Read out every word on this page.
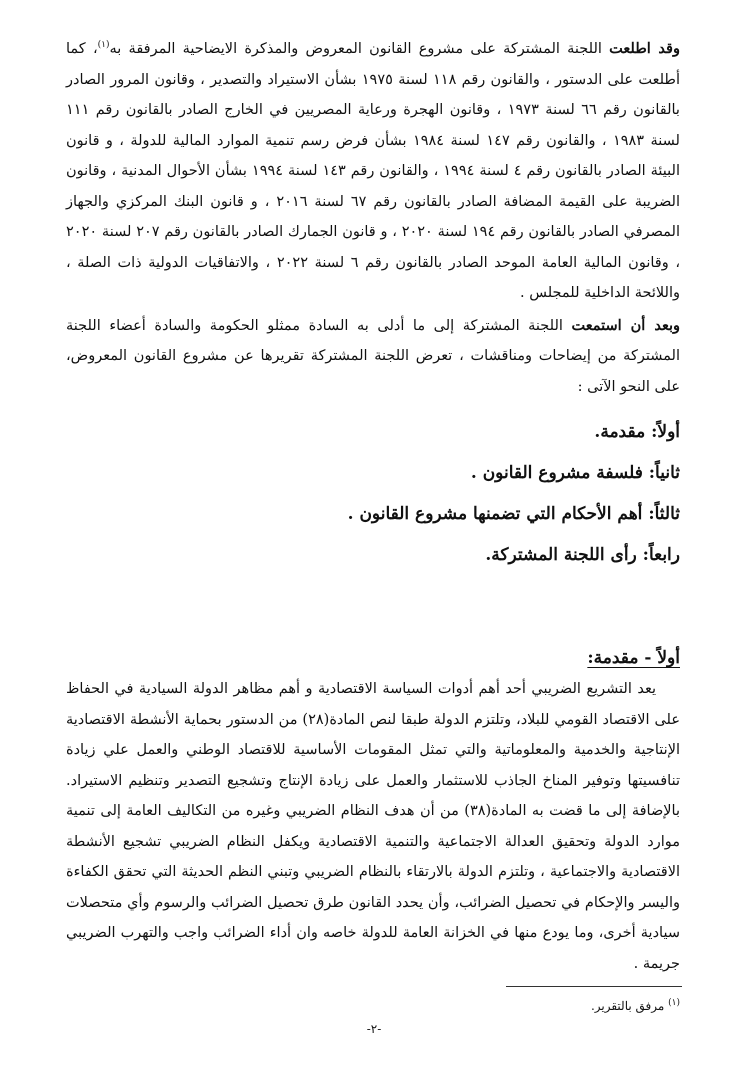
وقد اطلعت اللجنة المشتركة على مشروع القانون المعروض والمذكرة الايضاحية المرفقة به$^{(١)}$، كما أطلعت على الدستور ، والقانون رقم ١١٨ لسنة ١٩٧٥ بشأن الاستيراد والتصدير ، وقانون المرور الصادر بالقانون رقم ٦٦ لسنة ١٩٧٣ ، وقانون الهجرة ورعاية المصريين في الخارج الصادر بالقانون رقم ١١١ لسنة ١٩٨٣ ، والقانون رقم ١٤٧ لسنة ١٩٨٤ بشأن فرض رسم تنمية الموارد المالية للدولة ، و قانون البيئة الصادر بالقانون رقم ٤ لسنة ١٩٩٤ ، والقانون رقم ١٤٣ لسنة ١٩٩٤ بشأن الأحوال المدنية ، وقانون الضريبة على القيمة المضافة الصادر بالقانون رقم ٦٧ لسنة ٢٠١٦ ، و قانون البنك المركزي والجهاز المصرفي الصادر بالقانون رقم ١٩٤ لسنة ٢٠٢٠ ، و قانون الجمارك الصادر بالقانون رقم ٢٠٧ لسنة ٢٠٢٠ ، وقانون المالية العامة الموحد الصادر بالقانون رقم ٦ لسنة ٢٠٢٢ ، والاتفاقيات الدولية ذات الصلة ، واللائحة الداخلية للمجلس .

وبعد أن استمعت اللجنة المشتركة إلى ما أدلى به السادة ممثلو الحكومة والسادة أعضاء اللجنة المشتركة من إيضاحات ومناقشات ، تعرض اللجنة المشتركة تقريرها عن مشروع القانون المعروض، على النحو الآتى :

أولاً: مقدمة.
ثانياً: فلسفة مشروع القانون .
ثالثاً: أهم الأحكام التي تضمنها مشروع القانون .
رابعاً: رأى اللجنة المشتركة.
أولاً - مقدمة:

يعد التشريع الضريبي أحد أهم أدوات السياسة الاقتصادية و أهم مظاهر الدولة السيادية في الحفاظ على الاقتصاد القومي للبلاد، وتلتزم الدولة طبقا لنص المادة(٢٨) من الدستور بحماية الأنشطة الاقتصادية الإنتاجية والخدمية والمعلوماتية والتي تمثل المقومات الأساسية للاقتصاد الوطني والعمل علي زيادة تنافسيتها وتوفير المناخ الجاذب للاستثمار والعمل على زيادة الإنتاج وتشجيع التصدير وتنظيم الاستيراد. بالإضافة إلى ما قضت به المادة(٣٨) من أن هدف النظام الضريبي وغيره من التكاليف العامة إلى تنمية موارد الدولة وتحقيق العدالة الاجتماعية والتنمية الاقتصادية ويكفل النظام الضريبي تشجيع الأنشطة الاقتصادية والاجتماعية ، وتلتزم الدولة بالارتقاء بالنظام الضريبي وتبني النظم الحديثة التي تحقق الكفاءة واليسر والإحكام في تحصيل الضرائب، وأن يحدد القانون طرق تحصيل الضرائب والرسوم وأي متحصلات سيادية أخرى، وما يودع منها في الخزانة العامة للدولة خاصه وان أداء الضرائب واجب والتهرب الضريبي جريمة .

$^{(١)}$ مرفق بالتقرير.
-٢-
